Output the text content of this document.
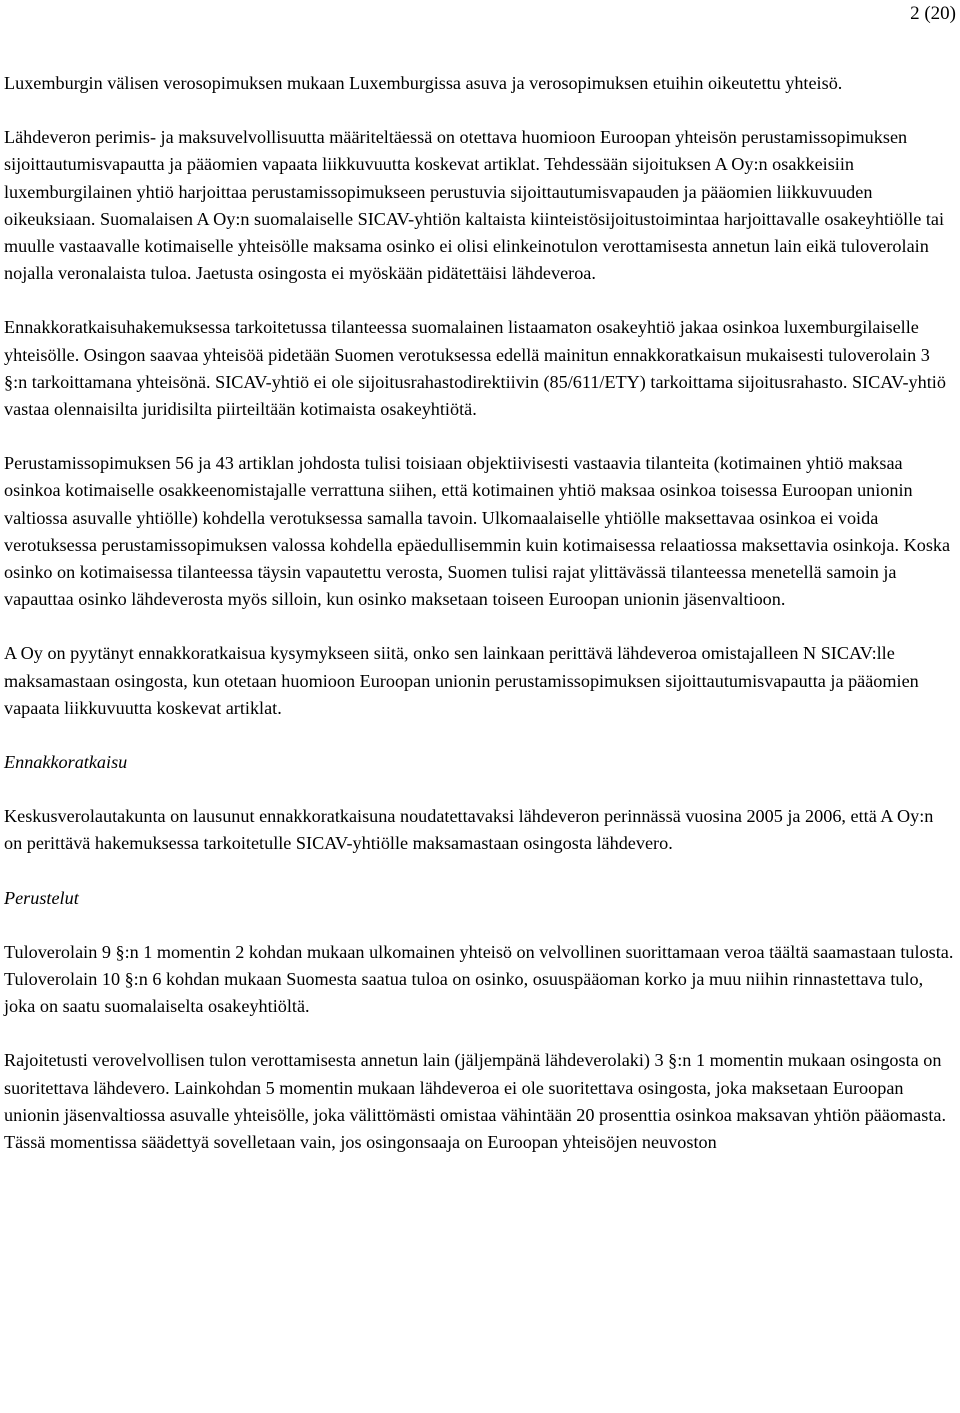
2 (20)

Luxemburgin välisen verosopimuksen mukaan Luxemburgissa asuva ja verosopimuksen etuihin oikeutettu yhteisö.

Lähdeveron perimis- ja maksuvelvollisuutta määriteltäessä on otettava huomioon Euroopan yhteisön perustamissopimuksen sijoittautumisvapautta ja pääomien vapaata liikkuvuutta koskevat artiklat. Tehdessään sijoituksen A Oy:n osakkeisiin luxemburgilainen yhtiö harjoittaa perustamissopimukseen perustuvia sijoittautumisvapauden ja pääomien liikkuvuuden oikeuksiaan. Suomalaisen A Oy:n suomalaiselle SICAV-yhtiön kaltaista kiinteistösijoitustoimintaa harjoittavalle osakeyhtiölle tai muulle vastaavalle kotimaiselle yhteisölle maksama osinko ei olisi elinkeinotulon verottamisesta annetun lain eikä tuloverolain nojalla veronalaista tuloa. Jaetusta osingosta ei myöskään pidätettäisi lähdeveroa.

Ennakkoratkaisuhakemuksessa tarkoitetussa tilanteessa suomalainen listaamaton osakeyhtiö jakaa osinkoa luxemburgilaiselle yhteisölle. Osingon saavaa yhteisöä pidetään Suomen verotuksessa edellä mainitun ennakkoratkaisun mukaisesti tuloverolain 3 §:n tarkoittamana yhteisönä. SICAV-yhtiö ei ole sijoitusrahastodirektiivin (85/611/ETY) tarkoittama sijoitusrahasto. SICAV-yhtiö vastaa olennaisilta juridisilta piirteiltään kotimaista osakeyhtiötä.

Perustamissopimuksen 56 ja 43 artiklan johdosta tulisi toisiaan objektiivisesti vastaavia tilanteita (kotimainen yhtiö maksaa osinkoa kotimaiselle osakkeenomistajalle verrattuna siihen, että kotimainen yhtiö maksaa osinkoa toisessa Euroopan unionin valtiossa asuvalle yhtiölle) kohdella verotuksessa samalla tavoin. Ulkomaalaiselle yhtiölle maksettavaa osinkoa ei voida verotuksessa perustamissopimuksen valossa kohdella epäedullisemmin kuin kotimaisessa relaatiossa maksettavia osinkoja. Koska osinko on kotimaisessa tilanteessa täysin vapautettu verosta, Suomen tulisi rajat ylittävässä tilanteessa menetellä samoin ja vapauttaa osinko lähdeverosta myös silloin, kun osinko maksetaan toiseen Euroopan unionin jäsenvaltioon.

A Oy on pyytänyt ennakkoratkaisua kysymykseen siitä, onko sen lainkaan perittävä lähdeveroa omistajalleen N SICAV:lle maksamastaan osingosta, kun otetaan huomioon Euroopan unionin perustamissopimuksen sijoittautumisvapautta ja pääomien vapaata liikkuvuutta koskevat artiklat.

Ennakkoratkaisu

Keskusverolautakunta on lausunut ennakkoratkaisuna noudatettavaksi lähdeveron perinnässä vuosina 2005 ja 2006, että A Oy:n on perittävä hakemuksessa tarkoitetulle SICAV-yhtiölle maksamastaan osingosta lähdevero.

Perustelut

Tuloverolain 9 §:n 1 momentin 2 kohdan mukaan ulkomainen yhteisö on velvollinen suorittamaan veroa täältä saamastaan tulosta. Tuloverolain 10 §:n 6 kohdan mukaan Suomesta saatua tuloa on osinko, osuuspääoman korko ja muu niihin rinnastettava tulo, joka on saatu suomalaiselta osakeyhtiöltä.

Rajoitetusti verovelvollisen tulon verottamisesta annetun lain (jäljempänä lähdeverolaki) 3 §:n 1 momentin mukaan osingosta on suoritettava lähdevero. Lainkohdan 5 momentin mukaan lähdeveroa ei ole suoritettava osingosta, joka maksetaan Euroopan unionin jäsenvaltiossa asuvalle yhteisölle, joka välittömästi omistaa vähintään 20 prosenttia osinkoa maksavan yhtiön pääomasta. Tässä momentissa säädettyä sovelletaan vain, jos osingonsaaja on Euroopan yhteisöjen neuvoston
